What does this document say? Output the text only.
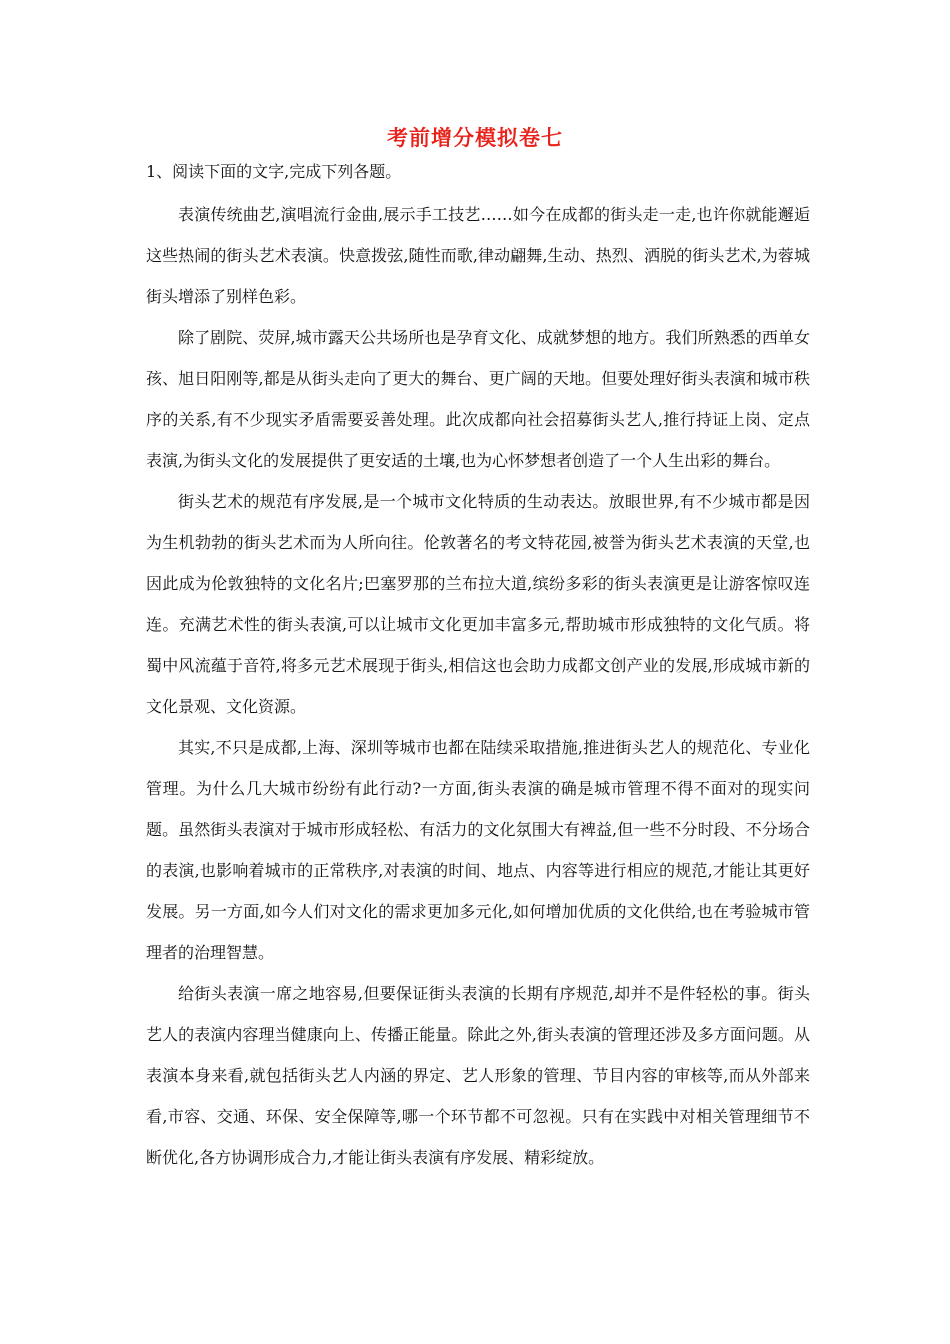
考前增分模拟卷七
1、阅读下面的文字,完成下列各题。

表演传统曲艺,演唱流行金曲,展示手工技艺……如今在成都的街头走一走,也许你就能邂逅这些热闹的街头艺术表演。快意拨弦,随性而歌,律动翩舞,生动、热烈、洒脱的街头艺术,为蓉城街头增添了别样色彩。

除了剧院、荧屏,城市露天公共场所也是孕育文化、成就梦想的地方。我们所熟悉的西单女孩、旭日阳刚等,都是从街头走向了更大的舞台、更广阔的天地。但要处理好街头表演和城市秩序的关系,有不少现实矛盾需要妥善处理。此次成都向社会招募街头艺人,推行持证上岗、定点表演,为街头文化的发展提供了更安适的土壤,也为心怀梦想者创造了一个人生出彩的舞台。

街头艺术的规范有序发展,是一个城市文化特质的生动表达。放眼世界,有不少城市都是因为生机勃勃的街头艺术而为人所向往。伦敦著名的考文特花园,被誉为街头艺术表演的天堂,也因此成为伦敦独特的文化名片;巴塞罗那的兰布拉大道,缤纷多彩的街头表演更是让游客惊叹连连。充满艺术性的街头表演,可以让城市文化更加丰富多元,帮助城市形成独特的文化气质。将蜀中风流蕴于音符,将多元艺术展现于街头,相信这也会助力成都文创产业的发展,形成城市新的文化景观、文化资源。

其实,不只是成都,上海、深圳等城市也都在陆续采取措施,推进街头艺人的规范化、专业化管理。为什么几大城市纷纷有此行动?一方面,街头表演的确是城市管理不得不面对的现实问题。虽然街头表演对于城市形成轻松、有活力的文化氛围大有裨益,但一些不分时段、不分场合的表演,也影响着城市的正常秩序,对表演的时间、地点、内容等进行相应的规范,才能让其更好发展。另一方面,如今人们对文化的需求更加多元化,如何增加优质的文化供给,也在考验城市管理者的治理智慧。

给街头表演一席之地容易,但要保证街头表演的长期有序规范,却并不是件轻松的事。街头艺人的表演内容理当健康向上、传播正能量。除此之外,街头表演的管理还涉及多方面问题。从表演本身来看,就包括街头艺人内涵的界定、艺人形象的管理、节目内容的审核等,而从外部来看,市容、交通、环保、安全保障等,哪一个环节都不可忽视。只有在实践中对相关管理细节不断优化,各方协调形成合力,才能让街头表演有序发展、精彩绽放。
